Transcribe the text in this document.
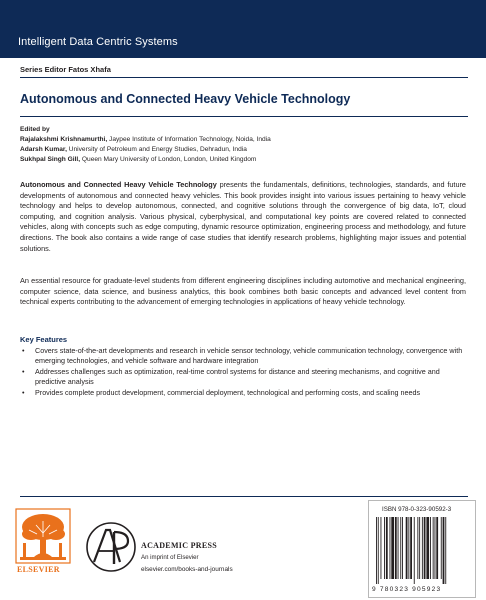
Intelligent Data Centric Systems
Series Editor Fatos Xhafa
Autonomous and Connected Heavy Vehicle Technology
Edited by
Rajalakshmi Krishnamurthi, Jaypee Institute of Information Technology, Noida, India
Adarsh Kumar, University of Petroleum and Energy Studies, Dehradun, India
Sukhpal Singh Gill, Queen Mary University of London, London, United Kingdom
Autonomous and Connected Heavy Vehicle Technology presents the fundamentals, definitions, technologies, standards, and future developments of autonomous and connected heavy vehicles. This book provides insight into various issues pertaining to heavy vehicle technology and helps to develop autonomous, connected, and cognitive solutions through the convergence of big data, IoT, cloud computing, and cognition analysis. Various physical, cyberphysical, and computational key points are covered related to connected vehicles, along with concepts such as edge computing, dynamic resource optimization, engineering process and methodology, and future directions. The book also contains a wide range of case studies that identify research problems, highlighting major issues and potential solutions.
An essential resource for graduate-level students from different engineering disciplines including automotive and mechanical engineering, computer science, data science, and business analytics, this book combines both basic concepts and advanced level content from technical experts contributing to the advancement of emerging technologies in applications of heavy vehicle technology.
Key Features
• Covers state-of-the-art developments and research in vehicle sensor technology, vehicle communication technology, convergence with emerging technologies, and vehicle software and hardware integration
• Addresses challenges such as optimization, real-time control systems for distance and steering mechanisms, and cognitive and predictive analysis
• Provides complete product development, commercial deployment, technological and performing costs, and scaling needs
ELSEVIER
ACADEMIC PRESS
An imprint of Elsevier
elsevier.com/books-and-journals
ISBN 978-0-323-90592-3
9 780323 905923
